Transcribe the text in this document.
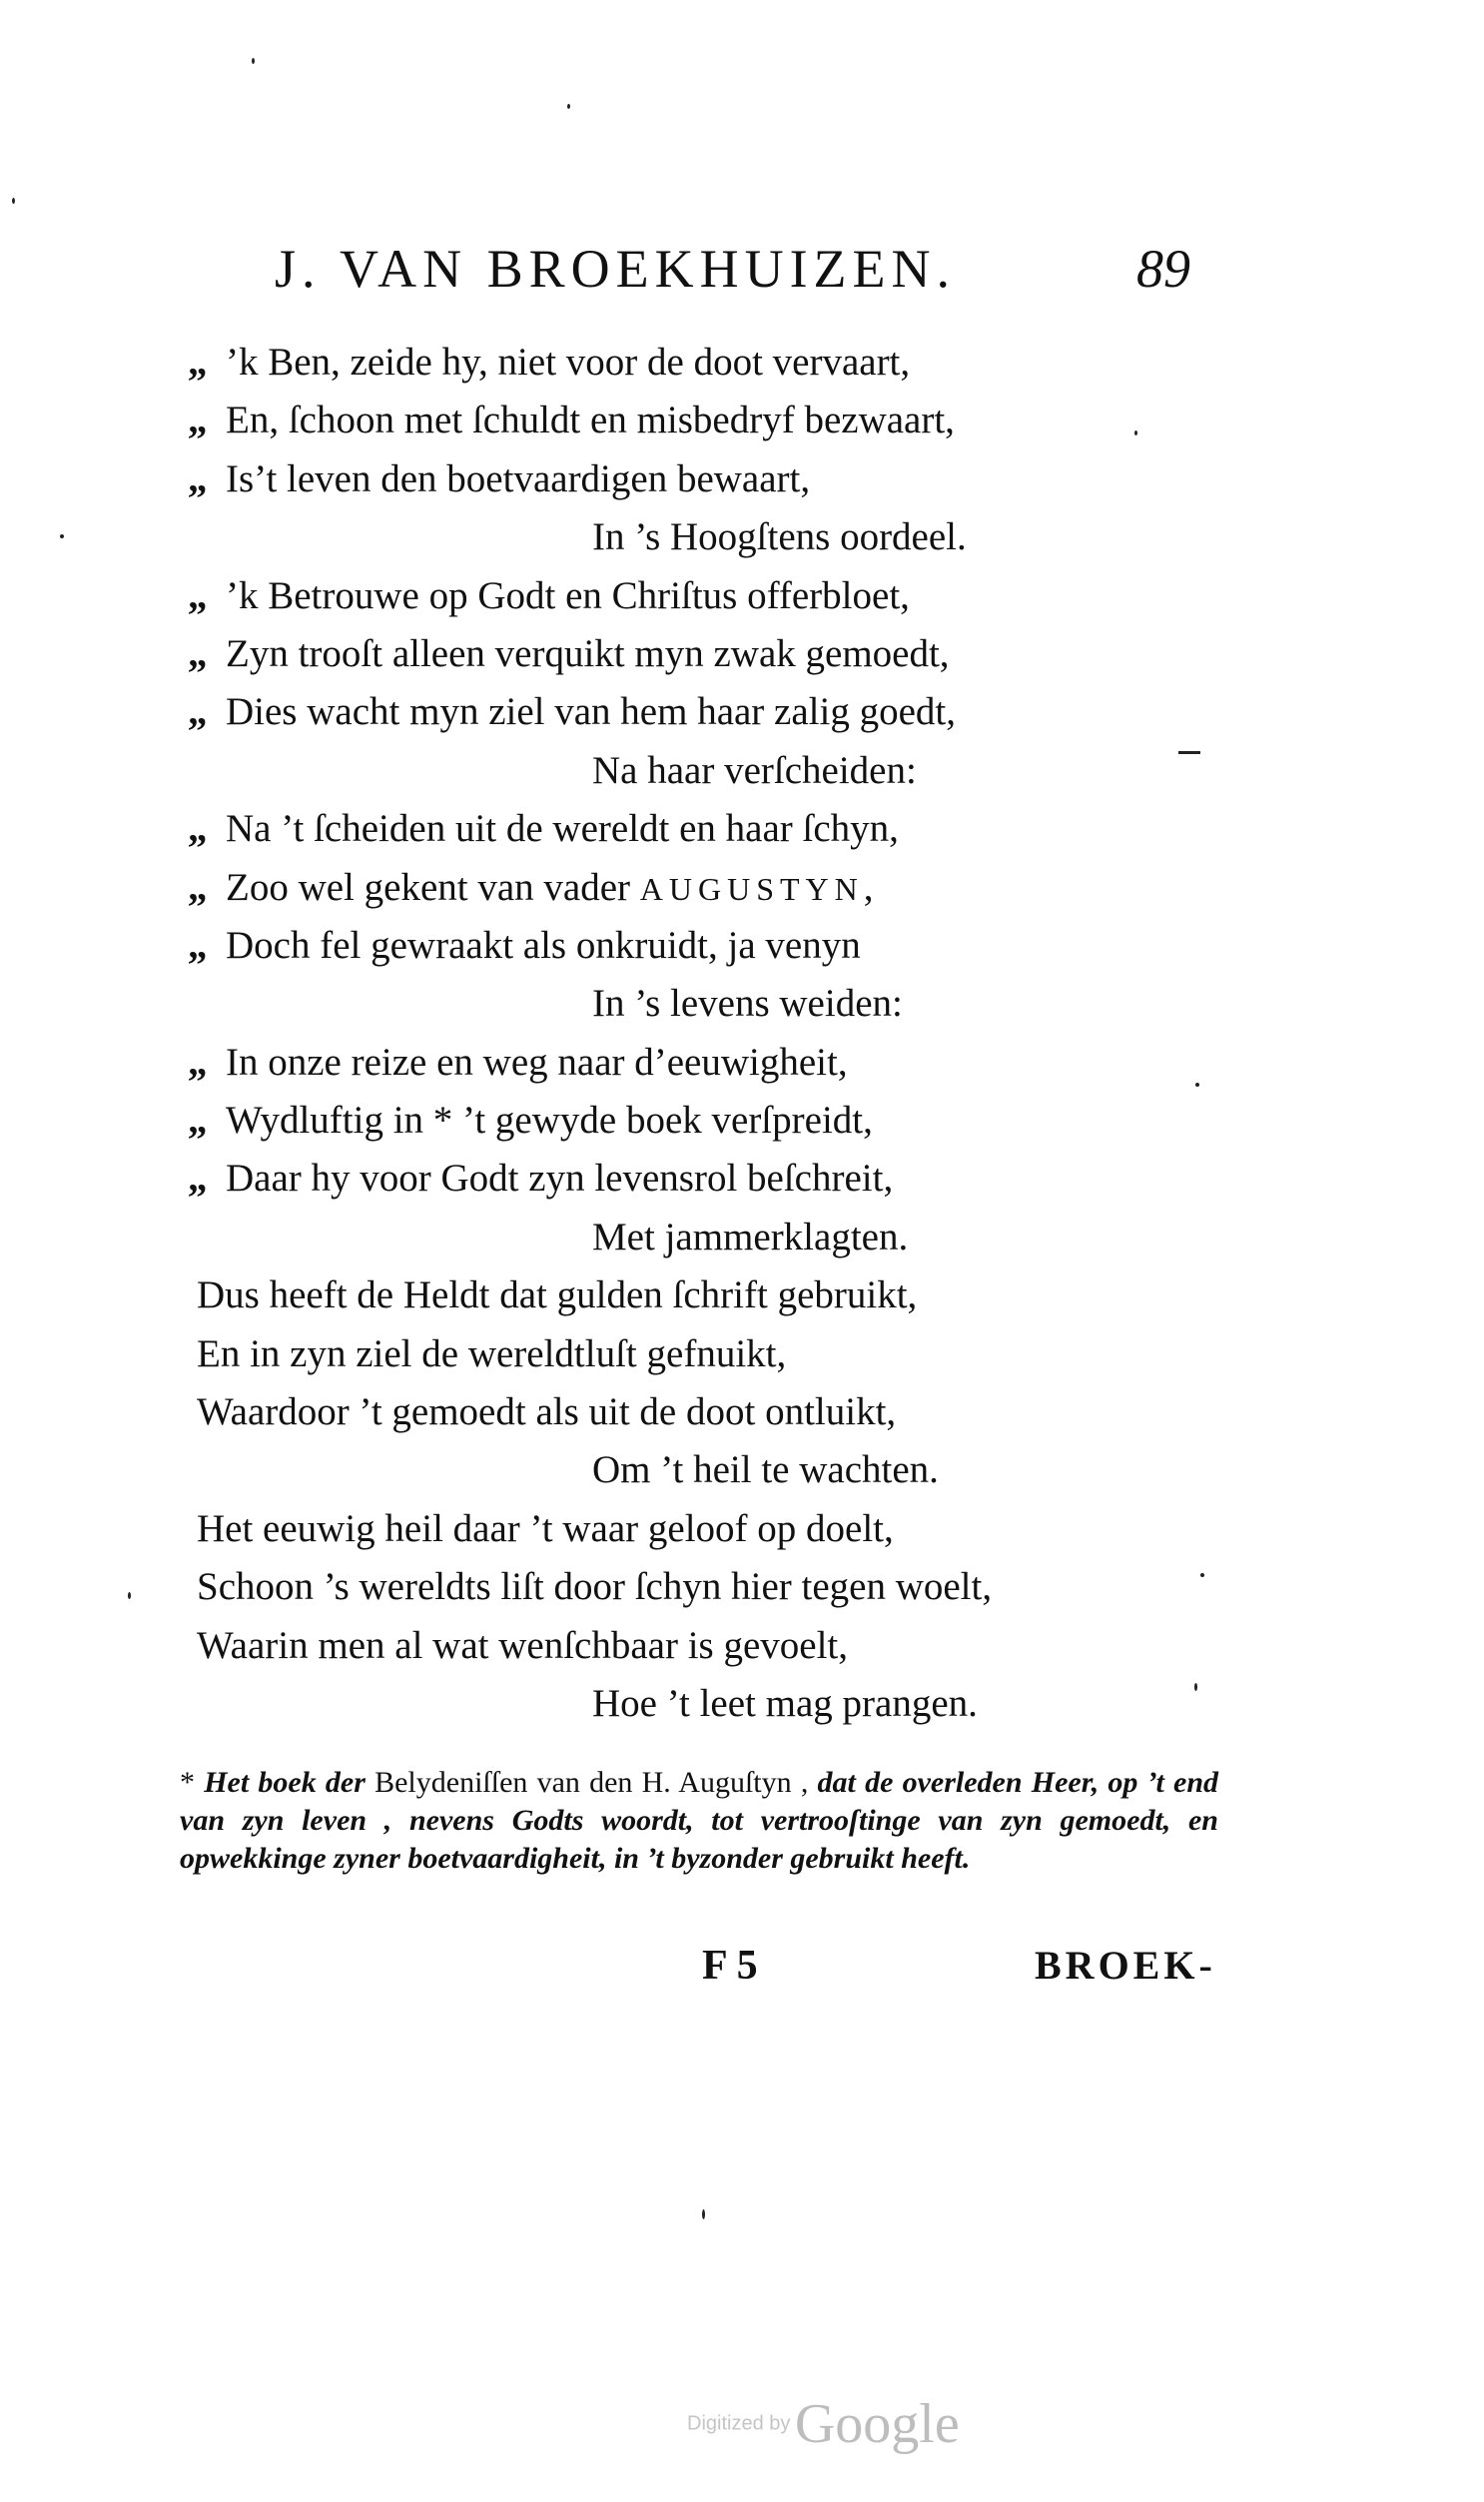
J. VAN BROEKHUIZEN.	89
„ ’k Ben, zeide hy, niet voor de doot vervaart,
„ En, ſchoon met ſchuldt en misbedryf bezwaart,
„ Is’t leven den boetvaardigen bewaart,
In ’s Hoogſtens oordeel.
„ ’k Betrouwe op Godt en Chriſtus offerbloet,
„ Zyn trooſt alleen verquikt myn zwak gemoedt,
„ Dies wacht myn ziel van hem haar zalig goedt,
Na haar verſcheiden:
„ Na ’t ſcheiden uit de wereldt en haar ſchyn,
„ Zoo wel gekent van vader AUGUSTYN,
„ Doch fel gewraakt als onkruidt, ja venyn
In ’s levens weiden:
„ In onze reize en weg naar d’eeuwigheit,
„ Wydluftig in * ’t gewyde boek verſpreidt,
„ Daar hy voor Godt zyn levensrol beſchreit,
Met jammerklagten.
Dus heeft de Heldt dat gulden ſchrift gebruikt,
En in zyn ziel de wereldtluſt gefnuikt,
Waardoor ’t gemoedt als uit de doot ontluikt,
Om ’t heil te wachten.
Het eeuwig heil daar ’t waar geloof op doelt,
Schoon ’s wereldts liſt door ſchyn hier tegen woelt,
Waarin men al wat wenſchbaar is gevoelt,
Hoe ’t leet mag prangen.
* Het boek der Belydeniſſen van den H. Auguſtyn , dat de overleden Heer, op ’t end van zyn leven , nevens Godts woordt, tot vertrooſtinge van zyn gemoedt, en opwekkinge zyner boetvaardigheit, in ’t byzonder gebruikt heeft.
F 5	BROEK-
Digitized by Google
